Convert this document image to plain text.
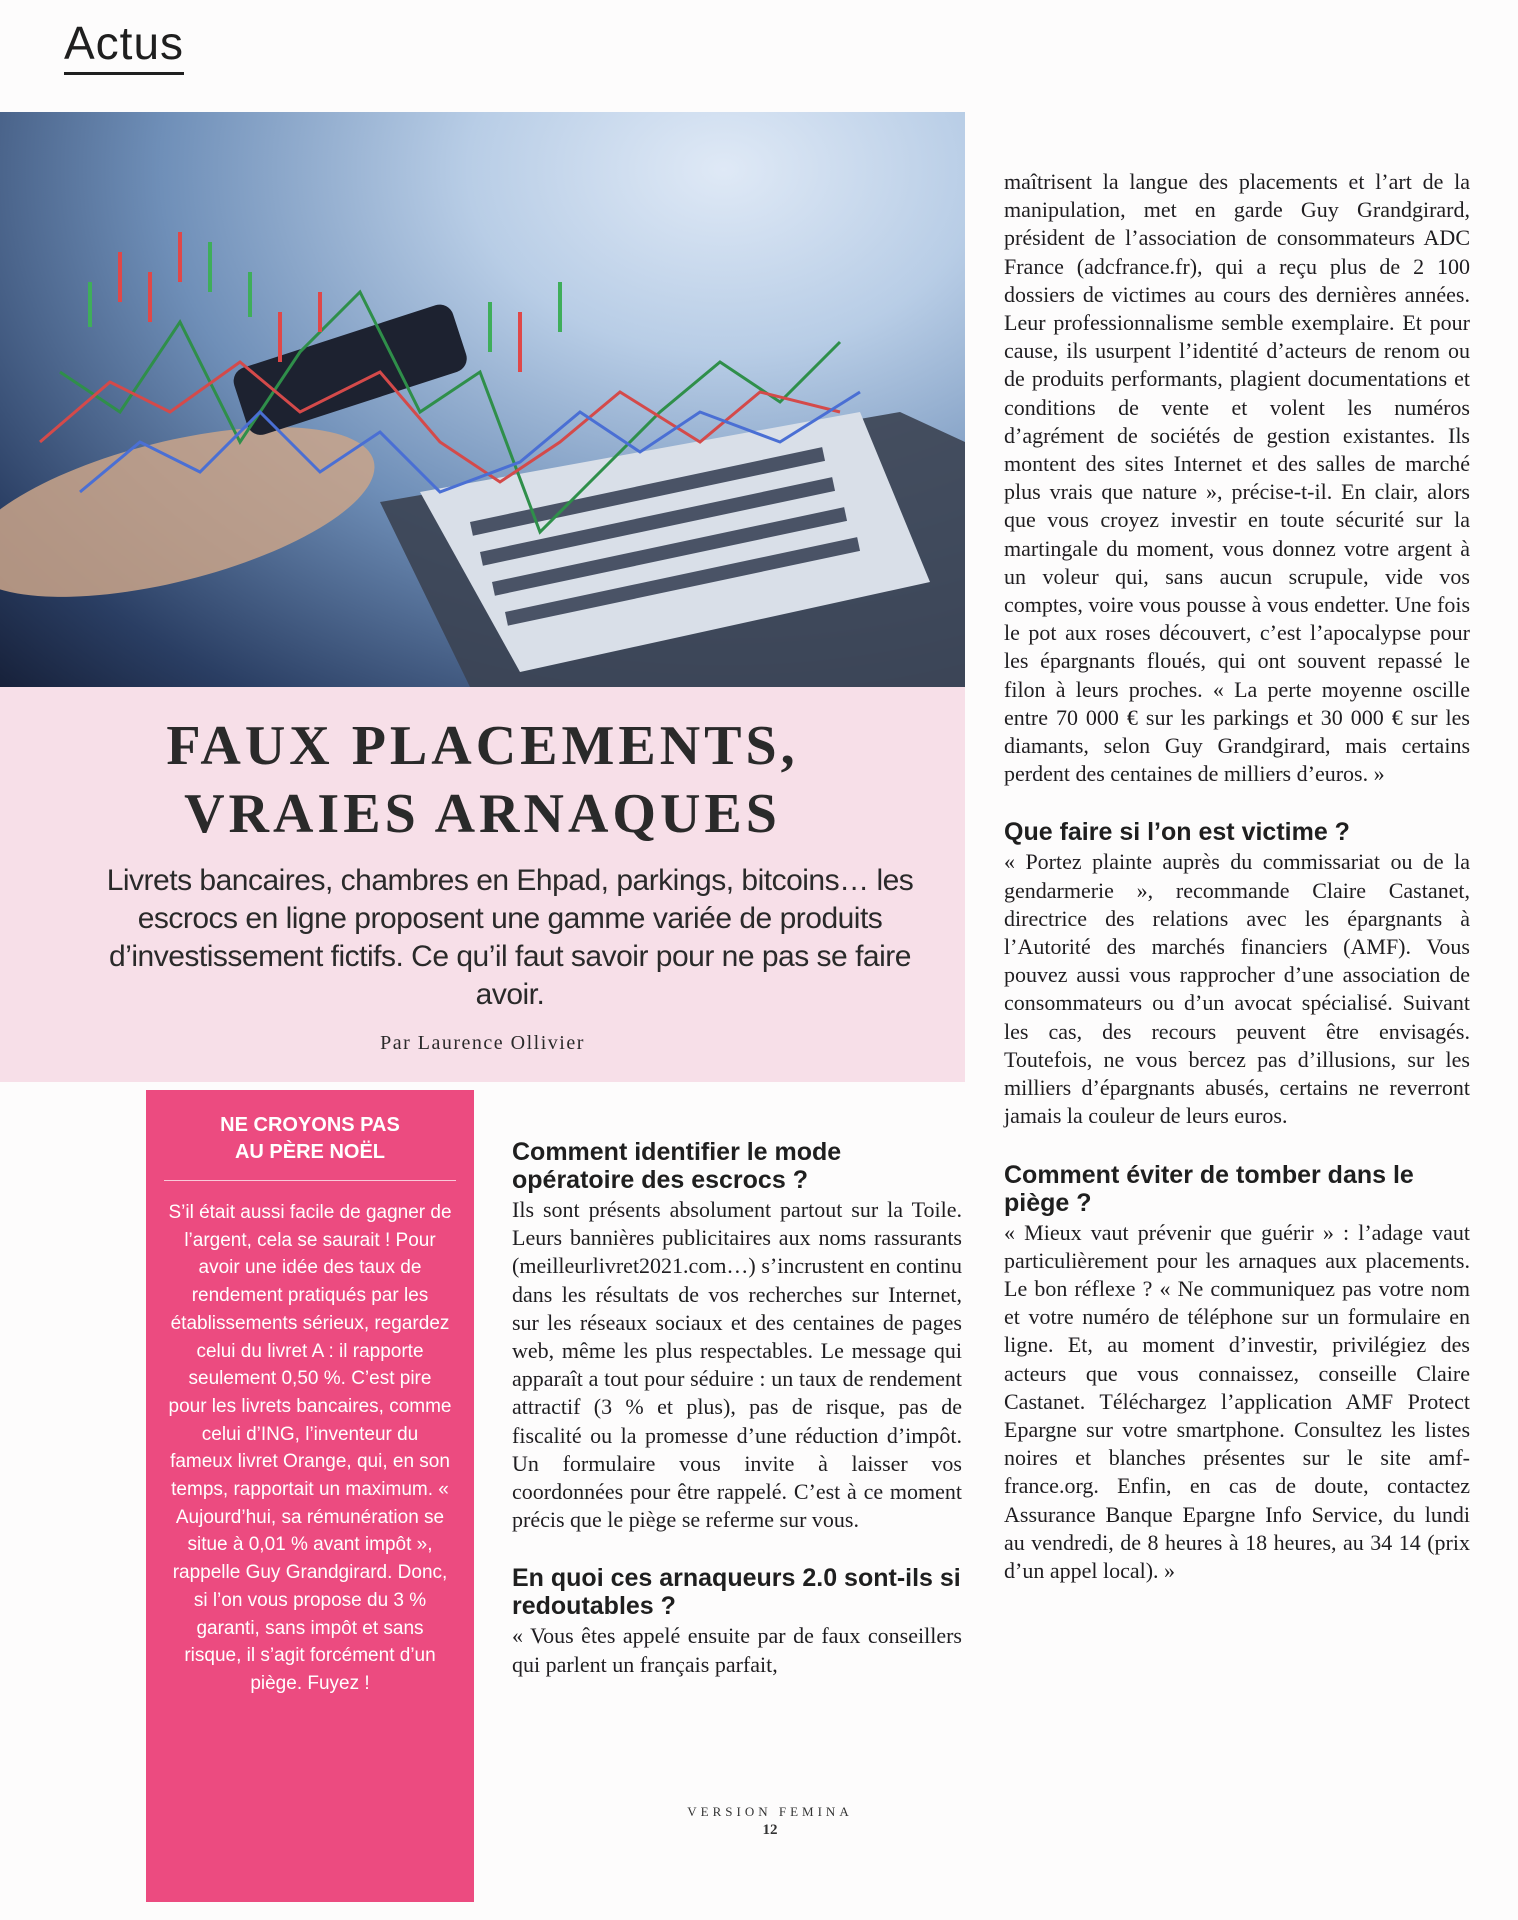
Actus
FAUX PLACEMENTS,
VRAIES ARNAQUES
Livrets bancaires, chambres en Ehpad, parkings, bitcoins… les escrocs en ligne proposent une gamme variée de produits d’investissement fictifs. Ce qu’il faut savoir pour ne pas se faire avoir.
Par Laurence Ollivier
NE CROYONS PAS
AU PÈRE NOËL
S’il était aussi facile de gagner de l’argent, cela se saurait ! Pour avoir une idée des taux de rendement pratiqués par les établissements sérieux, regardez celui du livret A : il rapporte seulement 0,50 %. C’est pire pour les livrets bancaires, comme celui d’ING, l’inventeur du fameux livret Orange, qui, en son temps, rapportait un maximum. « Aujourd’hui, sa rémunération se situe à 0,01 % avant impôt », rappelle Guy Grandgirard. Donc, si l’on vous propose du 3 % garanti, sans impôt et sans risque, il s’agit forcément d’un piège. Fuyez !
Comment identifier le mode opératoire des escrocs ?

Ils sont présents absolument partout sur la Toile. Leurs bannières publicitaires aux noms rassurants (meilleurlivret2021.com…) s’incrustent en continu dans les résultats de vos recherches sur Internet, sur les réseaux sociaux et des centaines de pages web, même les plus respectables. Le message qui apparaît a tout pour séduire : un taux de rendement attractif (3 % et plus), pas de risque, pas de fiscalité ou la promesse d’une réduction d’impôt. Un formulaire vous invite à laisser vos coordonnées pour être rappelé. C’est à ce moment précis que le piège se referme sur vous.

En quoi ces arnaqueurs 2.0 sont-ils si redoutables ?

« Vous êtes appelé ensuite par de faux conseillers qui parlent un français parfait,

maîtrisent la langue des placements et l’art de la manipulation, met en garde Guy Grandgirard, président de l’association de consommateurs ADC France (adcfrance.fr), qui a reçu plus de 2 100 dossiers de victimes au cours des dernières années. Leur professionnalisme semble exemplaire. Et pour cause, ils usurpent l’identité d’acteurs de renom ou de produits performants, plagient documentations et conditions de vente et volent les numéros d’agrément de sociétés de gestion existantes. Ils montent des sites Internet et des salles de marché plus vrais que nature », précise-t-il. En clair, alors que vous croyez investir en toute sécurité sur la martingale du moment, vous donnez votre argent à un voleur qui, sans aucun scrupule, vide vos comptes, voire vous pousse à vous endetter. Une fois le pot aux roses découvert, c’est l’apocalypse pour les épargnants floués, qui ont souvent repassé le filon à leurs proches. « La perte moyenne oscille entre 70 000 € sur les parkings et 30 000 € sur les diamants, selon Guy Grandgirard, mais certains perdent des centaines de milliers d’euros. »

Que faire si l’on est victime ?

« Portez plainte auprès du commissariat ou de la gendarmerie », recommande Claire Castanet, directrice des relations avec les épargnants à l’Autorité des marchés financiers (AMF). Vous pouvez aussi vous rapprocher d’une association de consommateurs ou d’un avocat spécialisé. Suivant les cas, des recours peuvent être envisagés. Toutefois, ne vous bercez pas d’illusions, sur les milliers d’épargnants abusés, certains ne reverront jamais la couleur de leurs euros.

Comment éviter de tomber dans le piège ?

« Mieux vaut prévenir que guérir » : l’adage vaut particulièrement pour les arnaques aux placements. Le bon réflexe ? « Ne communiquez pas votre nom et votre numéro de téléphone sur un formulaire en ligne. Et, au moment d’investir, privilégiez des acteurs que vous connaissez, conseille Claire Castanet. Téléchargez l’application AMF Protect Epargne sur votre smartphone. Consultez les listes noires et blanches présentes sur le site amf-france.org. Enfin, en cas de doute, contactez Assurance Banque Epargne Info Service, du lundi au vendredi, de 8 heures à 18 heures, au 34 14 (prix d’un appel local). »

VERSION FEMINA
12
